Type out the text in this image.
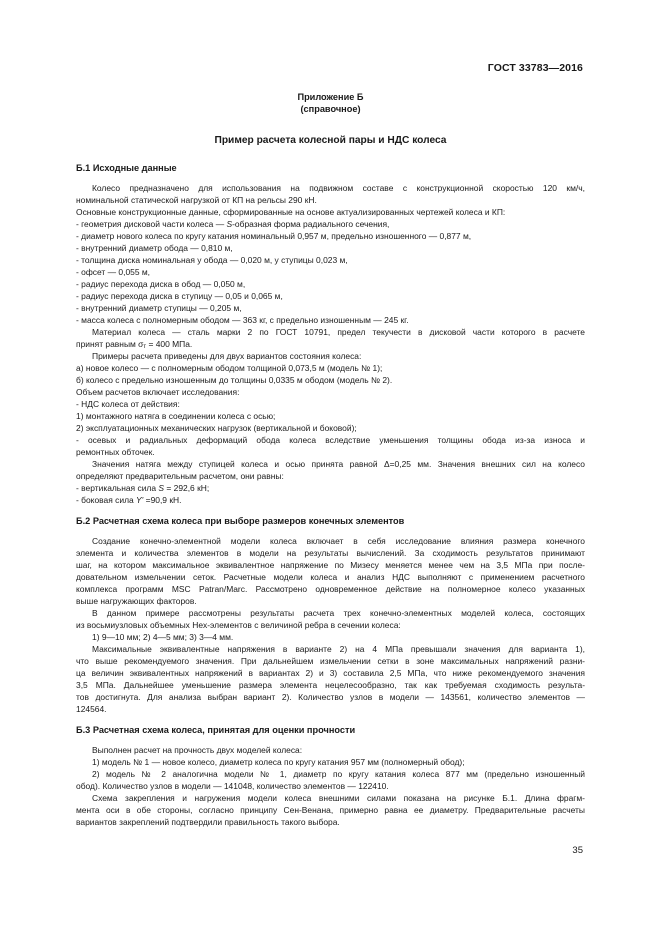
ГОСТ 33783—2016
Приложение Б
(справочное)
Пример расчета колесной пары и НДС колеса
Б.1 Исходные данные
Колесо предназначено для использования на подвижном составе с конструкционной скоростью 120 км/ч,
номинальной статической нагрузкой от КП на рельсы 290 кН.
Основные конструкционные данные, сформированные на основе актуализированных чертежей колеса и КП:
- геометрия дисковой части колеса — S-образная форма радиального сечения,
- диаметр нового колеса по кругу катания номинальный 0,957 м, предельно изношенного — 0,877 м,
- внутренний диаметр обода — 0,810 м,
- толщина диска номинальная у обода — 0,020 м, у ступицы 0,023 м,
- офсет — 0,055 м,
- радиус перехода диска в обод — 0,050 м,
- радиус перехода диска в ступицу — 0,05 и 0,065 м,
- внутренний диаметр ступицы — 0,205 м,
- масса колеса с полномерным ободом — 363 кг, с предельно изношенным — 245 кг.
Материал колеса — сталь марки 2 по ГОСТ 10791, предел текучести в дисковой части которого в расчете
принят равным $\sigma_т = 400$ МПа.
Примеры расчета приведены для двух вариантов состояния колеса:
а) новое колесо — с полномерным ободом толщиной 0,073,5 м (модель № 1);
б) колесо с предельно изношенным до толщины 0,0335 м ободом (модель № 2).
Объем расчетов включает исследования:
- НДС колеса от действия:
1) монтажного натяга в соединении колеса с осью;
2) эксплуатационных механических нагрузок (вертикальной и боковой);
- осевых и радиальных деформаций обода колеса вследствие уменьшения толщины обода из-за износа и
ремонтных обточек.
Значения натяга между ступицей колеса и осью принята равной Δ=0,25 мм. Значения внешних сил на колесо
определяют предварительным расчетом, они равны:
- вертикальная сила S = 292,6 кН;
- боковая сила Y' =90,9 кН.
Б.2 Расчетная схема колеса при выборе размеров конечных элементов
Создание конечно-элементной модели колеса включает в себя исследование влияния размера конечного
элемента и количества элементов в модели на результаты вычислений. За сходимость результатов принимают
шаг, на котором максимальное эквивалентное напряжение по Мизесу меняется менее чем на 3,5 МПа при после-
довательном измельчении сеток. Расчетные модели колеса и анализ НДС выполняют с применением расчетного
комплекса программ MSC Patran/Marc. Рассмотрено одновременное действие на полномерное колесо указанных
выше нагружающих факторов.
В данном примере рассмотрены результаты расчета трех конечно-элементных моделей колеса, состоящих
из восьмиузловых объемных Hex-элементов с величиной ребра в сечении колеса:
1) 9—10 мм; 2) 4—5 мм; 3) 3—4 мм.
Максимальные эквивалентные напряжения в варианте 2) на 4 МПа превышали значения для варианта 1),
что выше рекомендуемого значения. При дальнейшем измельчении сетки в зоне максимальных напряжений разни-
ца величин эквивалентных напряжений в вариантах 2) и 3) составила 2,5 МПа, что ниже рекомендуемого значения
3,5 МПа. Дальнейшее уменьшение размера элемента нецелесообразно, так как требуемая сходимость результа-
тов достигнута. Для анализа выбран вариант 2). Количество узлов в модели — 143561, количество элементов —
124564.
Б.3 Расчетная схема колеса, принятая для оценки прочности
Выполнен расчет на прочность двух моделей колеса:
1) модель № 1 — новое колесо, диаметр колеса по кругу катания 957 мм (полномерный обод);
2) модель № 2 аналогична модели № 1, диаметр по кругу катания колеса 877 мм (предельно изношенный
обод). Количество узлов в модели — 141048, количество элементов — 122410.
Схема закрепления и нагружения модели колеса внешними силами показана на рисунке Б.1. Длина фрагм-
мента оси в обе стороны, согласно принципу Сен-Венана, примерно равна ее диаметру. Предварительные расчеты
вариантов закреплений подтвердили правильность такого выбора.
35
